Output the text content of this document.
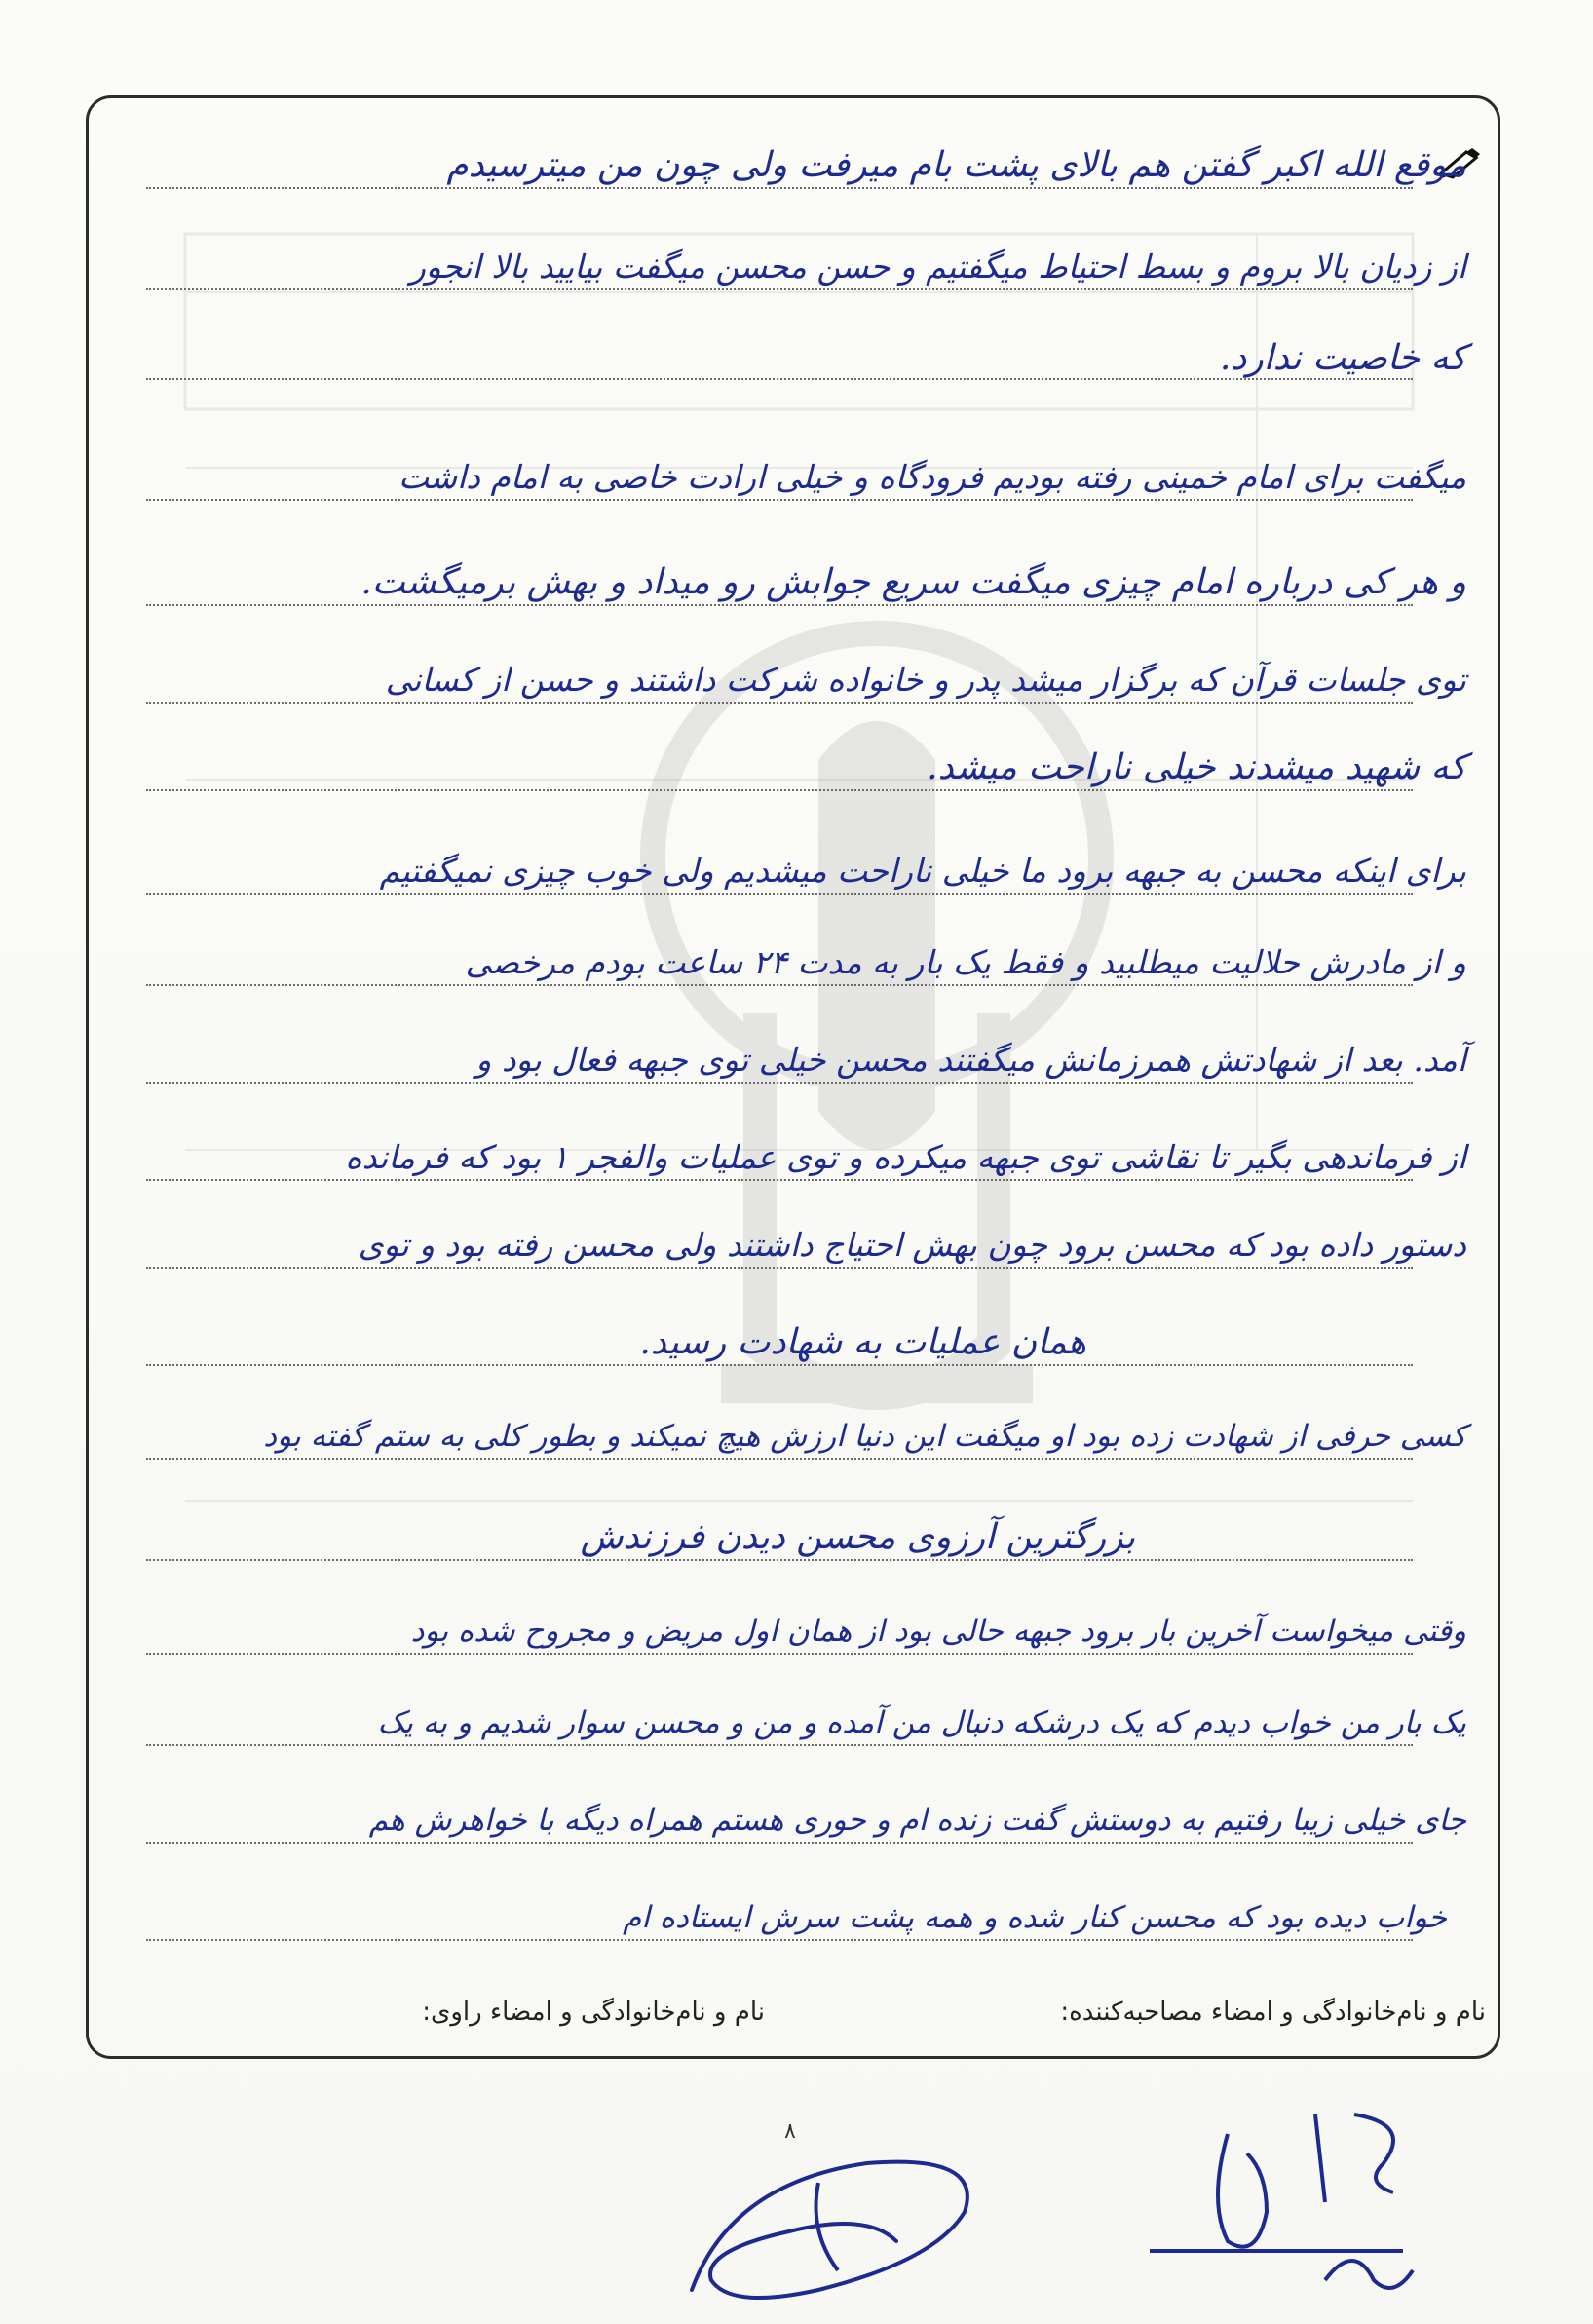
موقع الله اکبر گفتن هم بالای پشت بام میرفت ولی چون من میترسیدم
از زدیان بالا بروم و بسط احتیاط میگفتیم و حسن محسن میگفت بیایید بالا انجور
که خاصیت ندارد.
میگفت برای امام خمینی رفته بودیم فرودگاه و خیلی ارادت خاصی به امام داشت
و هر کی درباره امام چیزی میگفت سریع جوابش رو میداد و بهش برمیگشت.
توی جلسات قرآن که برگزار میشد پدر و خانواده شرکت داشتند و حسن از کسانی
که شهید میشدند خیلی ناراحت میشد.
برای اینکه محسن به جبهه برود ما خیلی ناراحت میشدیم ولی خوب چیزی نمیگفتیم
و از مادرش حلالیت میطلبید و فقط یک بار به مدت ۲۴ ساعت بودم مرخصی
آمد. بعد از شهادتش همرزمانش میگفتند محسن خیلی توی جبهه فعال بود و
از فرماندهی بگیر تا نقاشی توی جبهه میکرده و توی عملیات والفجر ۱ بود که فرمانده
دستور داده بود که محسن برود چون بهش احتیاج داشتند ولی محسن رفته بود و توی
همان عملیات به شهادت رسید.
کسی حرفی از شهادت زده بود او میگفت این دنیا ارزش هیچ نمیکند و بطور کلی به ستم گفته بود
بزرگترین آرزوی محسن دیدن فرزندش
وقتی میخواست آخرین بار برود جبهه حالی بود از همان اول مریض و مجروح شده بود
یک بار من خواب دیدم که یک درشکه دنبال من آمده و من و محسن سوار شدیم و به یک
جای خیلی زیبا رفتیم به دوستش گفت زنده ام و حوری هستم همراه دیگه با خواهرش هم
خواب دیده بود که محسن کنار شده و همه پشت سرش ایستاده ام
نام و نام‌خانوادگی و امضاء مصاحبه‌کننده:
نام و نام‌خانوادگی و امضاء راوی:
۸
